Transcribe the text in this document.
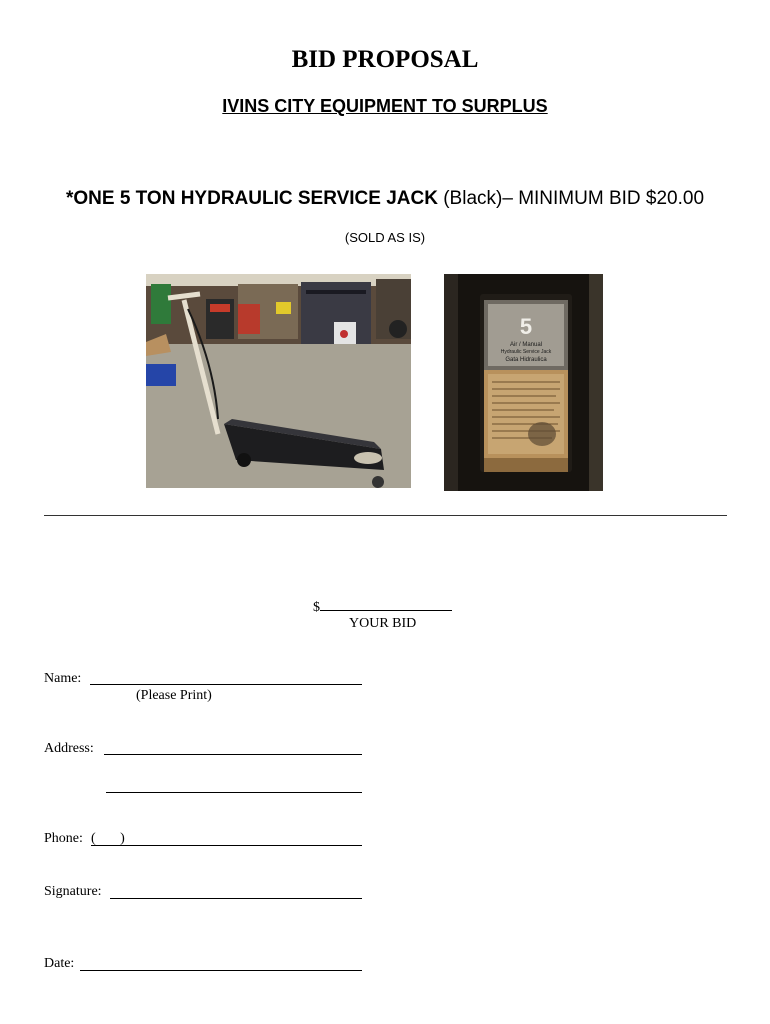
BID PROPOSAL
IVINS CITY EQUIPMENT TO SURPLUS
*ONE 5 TON HYDRAULIC SERVICE JACK (Black)– MINIMUM BID $20.00
(SOLD AS IS)
5
Air / Manual
Hydraulic Service Jack
Gata Hidraulica
$
YOUR BID
Name:
(Please Print)
Address:
Phone: (       )
Signature:
Date:
